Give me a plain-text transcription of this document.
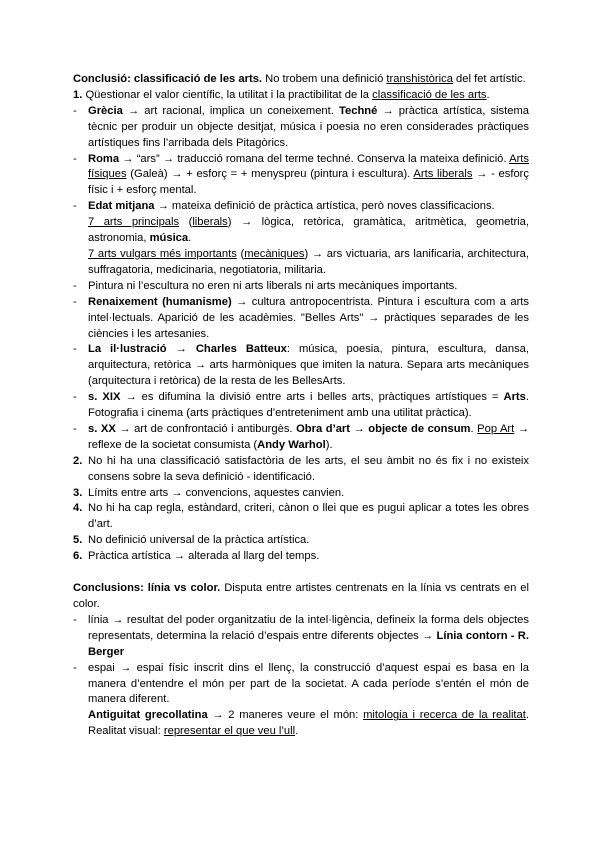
Conclusió: classificació de les arts. No trobem una definició transhistòrica del fet artístic.

1. Qüestionar el valor científic, la utilitat i la practibilitat de la classificació de les arts.

-	Grècia → art racional, implica un coneixement. Techné → pràctica artística, sistema tècnic per produir un objecte desitjat, música i poesia no eren considerades pràctiques artístiques fins l’arribada dels Pitagòrics.
-	Roma → “ars” → traducció romana del terme techné. Conserva la mateixa definició. Arts físiques (Galeà) → + esforç = + menyspreu (pintura i escultura). Arts liberals → - esforç físic i + esforç mental.
-	Edat mitjana → mateixa definició de pràctica artística, però noves classificacions.
7 arts principals (liberals) → lògica, retòrica, gramàtica, aritmètica, geometria, astronomia, música.
7 arts vulgars més importants (mecàniques) → ars victuaria, ars lanificaria, architectura, suffragatoria, medicinaria, negotiatoria, militaria.
-	Pintura ni l’escultura no eren ni arts liberals ni arts mecàniques importants.
-	Renaixement (humanisme) → cultura antropocentrista. Pintura i escultura com a arts intel·lectuals. Aparició de les acadèmies. "Belles Arts" → pràctiques separades de les ciències i les artesanies.
-	La il·lustració → Charles Batteux: música, poesia, pintura, escultura, dansa, arquitectura, retòrica → arts harmòniques que imiten la natura. Separa arts mecàniques (arquitectura i retòrica) de la resta de les BellesArts.
-	s. XIX → es difumina la divisió entre arts i belles arts, pràctiques artístiques = Arts. Fotografia i cinema (arts pràctiques d’entreteniment amb una utilitat pràctica).
-	s. XX → art de confrontació i antiburgès. Obra d’art → objecte de consum. Pop Art → reflexe de la societat consumista (Andy Warhol).
2. No hi ha una classificació satisfactòria de les arts, el seu àmbit no és fix i no existeix consens sobre la seva definició - identificació.
3. Límits entre arts → convencions, aquestes canvien.
4. No hi ha cap regla, estàndard, criteri, cànon o llei que es pugui aplicar a totes les obres d’art.
5. No definició universal de la pràctica artística.
6. Pràctica artística → alterada al llarg del temps.

Conclusions: línia vs color. Disputa entre artistes centrenats en la línia vs centrats en el color.

-	línia → resultat del poder organitzatiu de la intel·ligència, defineix la forma dels objectes representats, determina la relació d’espais entre diferents objectes → Línia contorn - R. Berger
-	espai → espai físic inscrit dins el llenç, la construcció d’aquest espai es basa en la manera d’entendre el món per part de la societat. A cada període s’entén el món de manera diferent.
Antiguitat grecollatina → 2 maneres veure el món: mitologia i recerca de la realitat. Realitat visual: representar el que veu l’ull.
